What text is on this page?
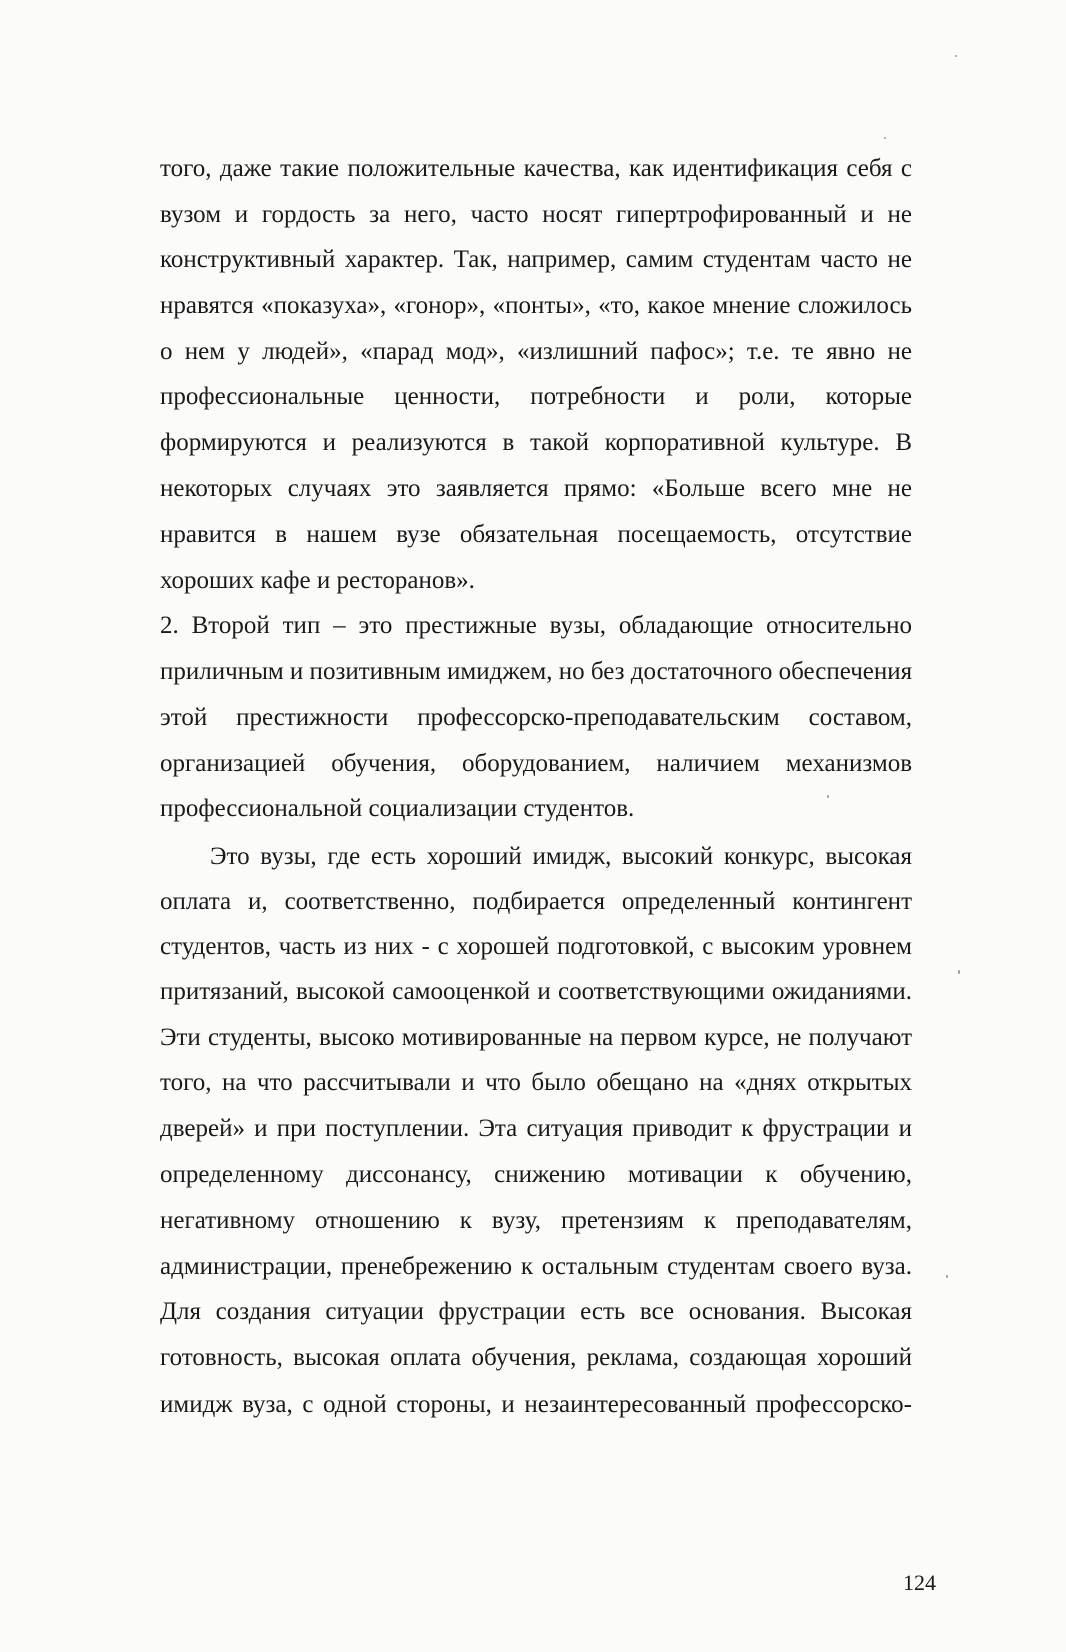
того, даже такие положительные качества, как идентификация себя с
вузом и гордость за него, часто носят гипертрофированный и не
конструктивный характер. Так, например, самим студентам часто не
нравятся «показуха», «гонор», «понты», «то, какое мнение сложилось
о нем у людей», «парад мод», «излишний пафос»; т.е. те явно не
профессиональные ценности, потребности и роли, которые
формируются и реализуются в такой корпоративной культуре. В
некоторых случаях это заявляется прямо: «Больше всего мне не
нравится в нашем вузе обязательная посещаемость, отсутствие
хороших кафе и ресторанов».
2. Второй тип – это престижные вузы, обладающие относительно
приличным и позитивным имиджем, но без достаточного обеспечения
этой престижности профессорско-преподавательским составом,
организацией обучения, оборудованием, наличием механизмов
профессиональной социализации студентов.
Это вузы, где есть хороший имидж, высокий конкурс, высокая
оплата и, соответственно, подбирается определенный контингент
студентов, часть из них - с хорошей подготовкой, с высоким уровнем
притязаний, высокой самооценкой и соответствующими ожиданиями.
Эти студенты, высоко мотивированные на первом курсе, не получают
того, на что рассчитывали и что было обещано на «днях открытых
дверей» и при поступлении. Эта ситуация приводит к фрустрации и
определенному диссонансу, снижению мотивации к обучению,
негативному отношению к вузу, претензиям к преподавателям,
администрации, пренебрежению к остальным студентам своего вуза.
Для создания ситуации фрустрации есть все основания. Высокая
готовность, высокая оплата обучения, реклама, создающая хороший
имидж вуза, с одной стороны, и незаинтересованный профессорско-
124
